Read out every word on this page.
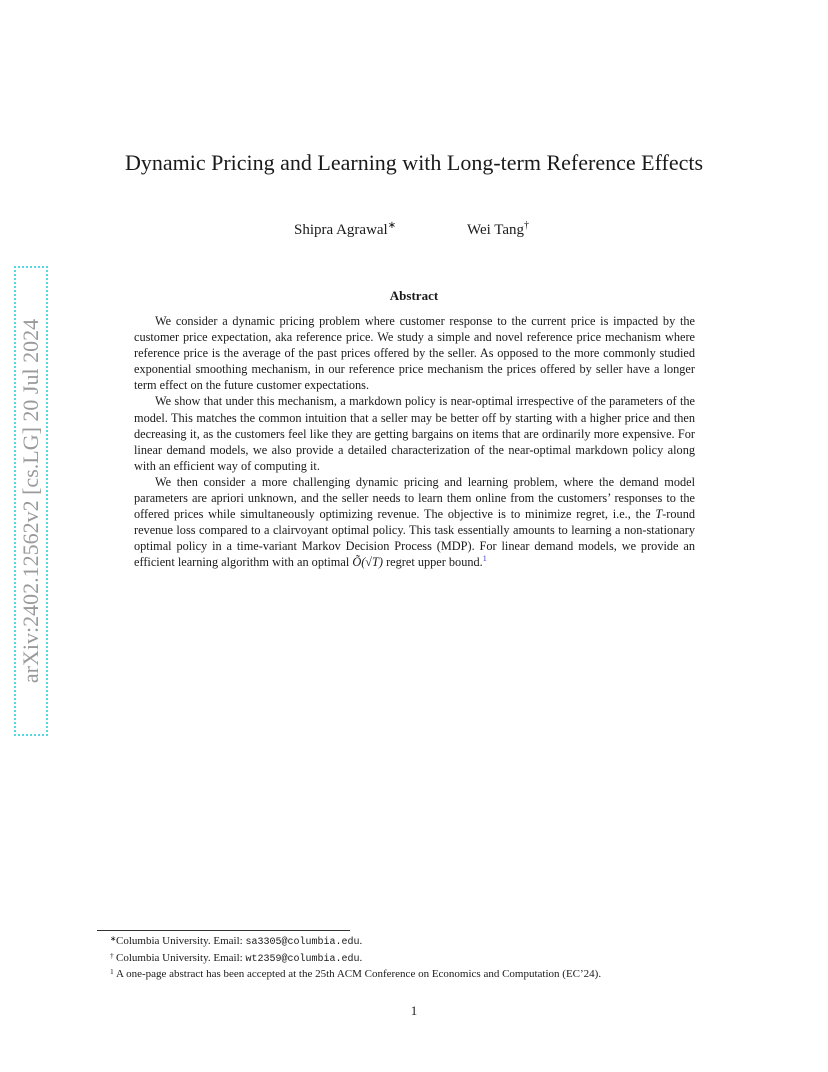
arXiv:2402.12562v2 [cs.LG] 20 Jul 2024
Dynamic Pricing and Learning with Long-term Reference Effects
Shipra Agrawal∗	Wei Tang†
Abstract

We consider a dynamic pricing problem where customer response to the current price is impacted by the customer price expectation, aka reference price. We study a simple and novel reference price mechanism where reference price is the average of the past prices offered by the seller. As opposed to the more commonly studied exponential smoothing mechanism, in our reference price mechanism the prices offered by seller have a longer term effect on the future customer expectations.

We show that under this mechanism, a markdown policy is near-optimal irrespective of the parameters of the model. This matches the common intuition that a seller may be better off by starting with a higher price and then decreasing it, as the customers feel like they are getting bargains on items that are ordinarily more expensive. For linear demand models, we also provide a detailed characterization of the near-optimal markdown policy along with an efficient way of computing it.

We then consider a more challenging dynamic pricing and learning problem, where the demand model parameters are apriori unknown, and the seller needs to learn them online from the customers’ responses to the offered prices while simultaneously optimizing revenue. The objective is to minimize regret, i.e., the T-round revenue loss compared to a clairvoyant optimal policy. This task essentially amounts to learning a non-stationary optimal policy in a time-variant Markov Decision Process (MDP). For linear demand models, we provide an efficient learning algorithm with an optimal Õ(√T) regret upper bound.$^1$

∗ Columbia University. Email: sa3305@columbia.edu.
† Columbia University. Email: wt2359@columbia.edu.
1 A one-page abstract has been accepted at the 25th ACM Conference on Economics and Computation (EC’24).
1
